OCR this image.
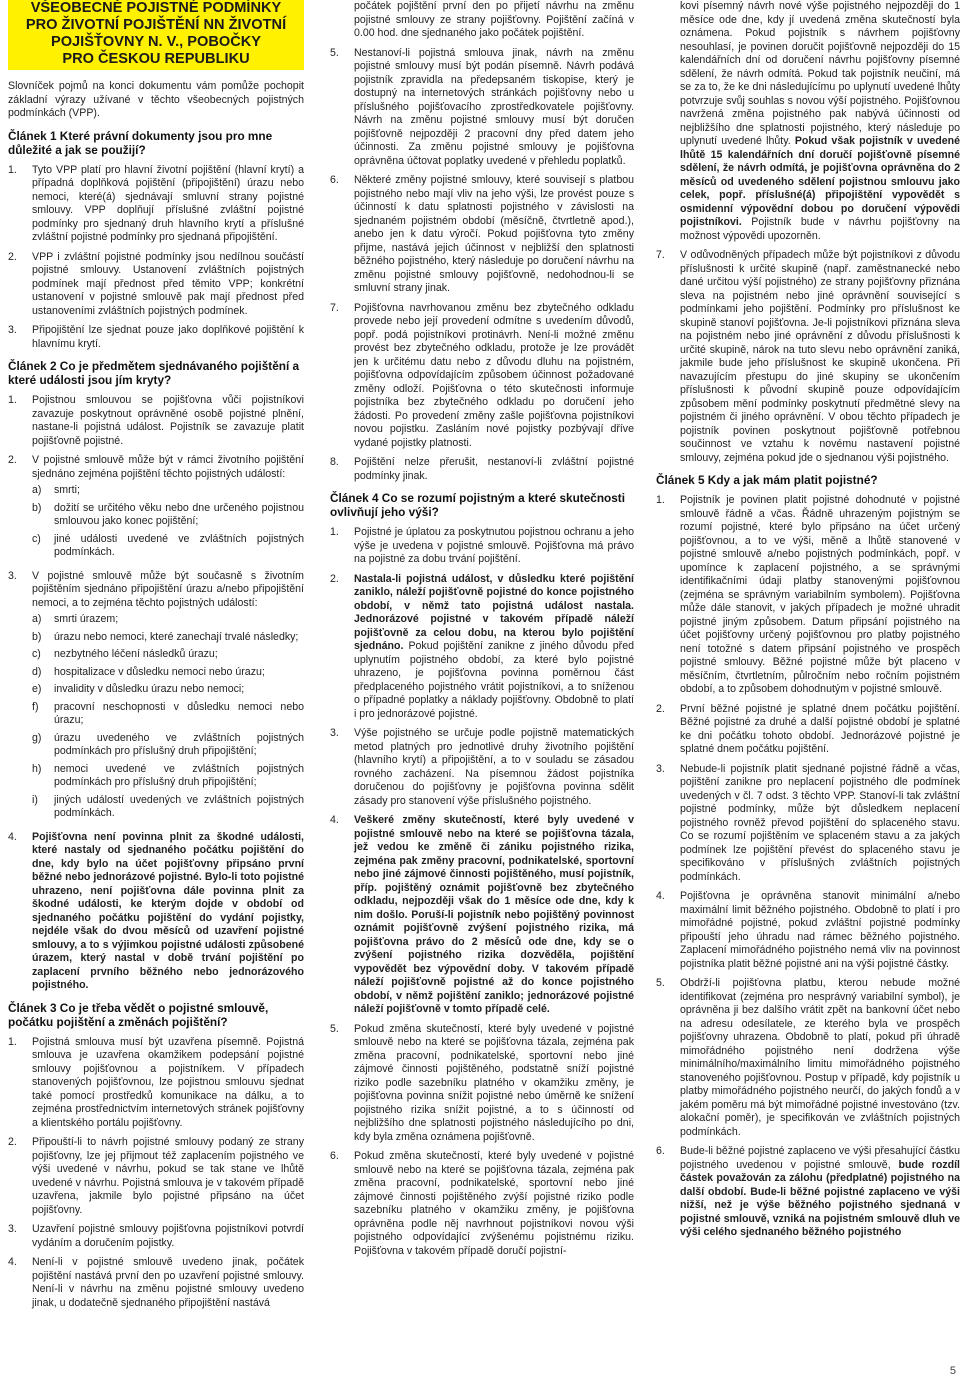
VŠEOBECNÉ POJISTNÉ PODMÍNKY
PRO ŽIVOTNÍ POJIŠTĚNÍ NN ŽIVOTNÍ
POJIŠŤOVNY N. V., POBOČKY
PRO ČESKOU REPUBLIKU

Slovníček pojmů na konci dokumentu vám pomůže pochopit základní výrazy užívané v těchto všeobecných pojistných podmínkách (VPP).

Článek 1 Které právní dokumenty jsou pro mne důležité a jak se použijí?
1.	Tyto VPP platí pro hlavní životní pojištění (hlavní krytí) a případná doplňková pojištění (připojištění) úrazu nebo nemoci, které(á) sjednávají smluvní strany pojistné smlouvy. VPP doplňují příslušné zvláštní pojistné podmínky pro sjednaný druh hlavního krytí a příslušné zvláštní pojistné podmínky pro sjednaná připojištění.
2.	VPP i zvláštní pojistné podmínky jsou nedílnou součástí pojistné smlouvy. Ustanovení zvláštních pojistných podmínek mají přednost před těmito VPP; konkrétní ustanovení v pojistné smlouvě pak mají přednost před ustanoveními zvláštních pojistných podmínek.
3.	Připojištění lze sjednat pouze jako doplňkové pojištění k hlavnímu krytí.
Článek 2 Co je předmětem sjednávaného pojištění a které události jsou jím kryty?
1.	Pojistnou smlouvou se pojišťovna vůči pojistníkovi zavazuje poskytnout oprávněné osobě pojistné plnění, nastane-li pojistná událost. Pojistník se zavazuje platit pojišťovně pojistné.
2.	V pojistné smlouvě může být v rámci životního pojištění sjednáno zejména pojištění těchto pojistných událostí:
a)	smrti;
b)	dožití se určitého věku nebo dne určeného pojistnou smlouvou jako konec pojištění;
c)	jiné události uvedené ve zvláštních pojistných podmínkách.
3.	V pojistné smlouvě může být současně s životním pojištěním sjednáno připojištění úrazu a/nebo připojištění nemoci, a to zejména těchto pojistných událostí:
a)	smrti úrazem;
b)	úrazu nebo nemoci, které zanechají trvalé následky;
c)	nezbytného léčení následků úrazu;
d)	hospitalizace v důsledku nemoci nebo úrazu;
e)	invalidity v důsledku úrazu nebo nemoci;
f)	pracovní neschopnosti v důsledku nemoci nebo úrazu;
g)	úrazu uvedeného ve zvláštních pojistných podmínkách pro příslušný druh připojištění;
h)	nemoci uvedené ve zvláštních pojistných podmínkách pro příslušný druh připojištění;
i)	jiných událostí uvedených ve zvláštních pojistných podmínkách.
4.	Pojišťovna není povinna plnit za škodné události, které nastaly od sjednaného počátku pojištění do dne, kdy bylo na účet pojišťovny připsáno první běžné nebo jednorázové pojistné. Bylo-li toto pojistné uhrazeno, není pojišťovna dále povinna plnit za škodné události, ke kterým dojde v období od sjednaného počátku pojištění do vydání pojistky, nejdéle však do dvou měsíců od uzavření pojistné smlouvy, a to s výjimkou pojistné události způsobené úrazem, který nastal v době trvání pojištění po zaplacení prvního běžného nebo jednorázového pojistného.
Článek 3 Co je třeba vědět o pojistné smlouvě, počátku pojištění a změnách pojištění?
1.	Pojistná smlouva musí být uzavřena písemně. Pojistná smlouva je uzavřena okamžikem podepsání pojistné smlouvy pojišťovnou a pojistníkem. V případech stanovených pojišťovnou, lze pojistnou smlouvu sjednat také pomocí prostředků komunikace na dálku, a to zejména prostřednictvím internetových stránek pojišťovny a klientského portálu pojišťovny.
2.	Připouští-li to návrh pojistné smlouvy podaný ze strany pojišťovny, lze jej přijmout též zaplacením pojistného ve výši uvedené v návrhu, pokud se tak stane ve lhůtě uvedené v návrhu. Pojistná smlouva je v takovém případě uzavřena, jakmile bylo pojistné připsáno na účet pojišťovny.
3.	Uzavření pojistné smlouvy pojišťovna pojistníkovi potvrdí vydáním a doručením pojistky.
4.	Není-li v pojistné smlouvě uvedeno jinak, počátek pojištění nastává první den po uzavření pojistné smlouvy. Není-li v návrhu na změnu pojistné smlouvy uvedeno jinak, u dodatečně sjednaného připojištění nastává
počátek pojištění první den po přijetí návrhu na změnu pojistné smlouvy ze strany pojišťovny. Pojištění začíná v 0.00 hod. dne sjednaného jako počátek pojištění.
5.	Nestanoví-li pojistná smlouva jinak, návrh na změnu pojistné smlouvy musí být podán písemně. Návrh podává pojistník zpravidla na předepsaném tiskopise, který je dostupný na internetových stránkách pojišťovny nebo u příslušného pojišťovacího zprostředkovatele pojišťovny. Návrh na změnu pojistné smlouvy musí být doručen pojišťovně nejpozději 2 pracovní dny před datem jeho účinnosti. Za změnu pojistné smlouvy je pojišťovna oprávněna účtovat poplatky uvedené v přehledu poplatků.
6.	Některé změny pojistné smlouvy, které souvisejí s platbou pojistného nebo mají vliv na jeho výši, lze provést pouze s účinností k datu splatnosti pojistného v závislosti na sjednaném pojistném období (měsíčně, čtvrtletně apod.), anebo jen k datu výročí. Pokud pojišťovna tyto změny přijme, nastává jejich účinnost v nejbližší den splatnosti běžného pojistného, který následuje po doručení návrhu na změnu pojistné smlouvy pojišťovně, nedohodnou-li se smluvní strany jinak.
7.	Pojišťovna navrhovanou změnu bez zbytečného odkladu provede nebo její provedení odmítne s uvedením důvodů, popř. podá pojistníkovi protinávrh. Není-li možné změnu provést bez zbytečného odkladu, protože je lze provádět jen k určitému datu nebo z důvodu dluhu na pojistném, pojišťovna odpovídajícím způsobem účinnost požadované změny odloží. Pojišťovna o této skutečnosti informuje pojistníka bez zbytečného odkladu po doručení jeho žádosti. Po provedení změny zašle pojišťovna pojistníkovi novou pojistku. Zasláním nové pojistky pozbývají dříve vydané pojistky platnosti.
8.	Pojištění nelze přerušit, nestanoví-li zvláštní pojistné podmínky jinak.
Článek 4 Co se rozumí pojistným a které skutečnosti ovlivňují jeho výši?
1.	Pojistné je úplatou za poskytnutou pojistnou ochranu a jeho výše je uvedena v pojistné smlouvě. Pojišťovna má právo na pojistné za dobu trvání pojištění.
2.	Nastala-li pojistná událost, v důsledku které pojištění zaniklo, náleží pojišťovně pojistné do konce pojistného období, v němž tato pojistná událost nastala. Jednorázové pojistné v takovém případě náleží pojišťovně za celou dobu, na kterou bylo pojištění sjednáno. Pokud pojištění zanikne z jiného důvodu před uplynutím pojistného období, za které bylo pojistné uhrazeno, je pojišťovna povinna poměrnou část předplaceného pojistného vrátit pojistníkovi, a to sníženou o případné poplatky a náklady pojišťovny. Obdobně to platí i pro jednorázové pojistné.
3.	Výše pojistného se určuje podle pojistně matematických metod platných pro jednotlivé druhy životního pojištění (hlavního krytí) a připojištění, a to v souladu se zásadou rovného zacházení. Na písemnou žádost pojistníka doručenou do pojišťovny je pojišťovna povinna sdělit zásady pro stanovení výše příslušného pojistného.
4.	Veškeré změny skutečností, které byly uvedené v pojistné smlouvě nebo na které se pojišťovna tázala, jež vedou ke změně či zániku pojistného rizika, zejména pak změny pracovní, podnikatelské, sportovní nebo jiné zájmové činnosti pojištěného, musí pojistník, příp. pojištěný oznámit pojišťovně bez zbytečného odkladu, nejpozději však do 1 měsíce ode dne, kdy k nim došlo. Poruší-li pojistník nebo pojištěný povinnost oznámit pojišťovně zvýšení pojistného rizika, má pojišťovna právo do 2 měsíců ode dne, kdy se o zvýšení pojistného rizika dozvěděla, pojištění vypovědět bez výpovědní doby. V takovém případě náleží pojišťovně pojistné až do konce pojistného období, v němž pojištění zaniklo; jednorázové pojistné náleží pojišťovně v tomto případě celé.
5.	Pokud změna skutečností, které byly uvedené v pojistné smlouvě nebo na které se pojišťovna tázala, zejména pak změna pracovní, podnikatelské, sportovní nebo jiné zájmové činnosti pojištěného, podstatně sníží pojistné riziko podle sazebníku platného v okamžiku změny, je pojišťovna povinna snížit pojistné nebo úměrně ke snížení pojistného rizika snížit pojistné, a to s účinností od nejbližšího dne splatnosti pojistného následujícího po dni, kdy byla změna oznámena pojišťovně.
6.	Pokud změna skutečností, které byly uvedené v pojistné smlouvě nebo na které se pojišťovna tázala, zejména pak změna pracovní, podnikatelské, sportovní nebo jiné zájmové činnosti pojištěného zvýší pojistné riziko podle sazebníku platného v okamžiku změny, je pojišťovna oprávněna podle něj navrhnout pojistníkovi novou výši pojistného odpovídající zvýšenému pojistnému riziku. Pojišťovna v takovém případě doručí pojistní-
kovi písemný návrh nové výše pojistného nejpozději do 1 měsíce ode dne, kdy jí uvedená změna skutečností byla oznámena. Pokud pojistník s návrhem pojišťovny nesouhlasí, je povinen doručit pojišťovně nejpozději do 15 kalendářních dní od doručení návrhu pojišťovny písemné sdělení, že návrh odmítá. Pokud tak pojistník neučiní, má se za to, že ke dni následujícímu po uplynutí uvedené lhůty potvrzuje svůj souhlas s novou výší pojistného. Pojišťovnou navržená změna pojistného pak nabývá účinnosti od nejbližšího dne splatnosti pojistného, který následuje po uplynutí uvedené lhůty. Pokud však pojistník v uvedené lhůtě 15 kalendářních dní doručí pojišťovně písemné sdělení, že návrh odmítá, je pojišťovna oprávněna do 2 měsíců od uvedeného sdělení pojistnou smlouvu jako celek, popř. příslušné(á) připojištění vypovědět s osmidenní výpovědní dobou po doručení výpovědi pojistníkovi. Pojistník bude v návrhu pojišťovny na možnost výpovědi upozorněn.
7.	V odůvodněných případech může být pojistníkovi z důvodu příslušnosti k určité skupině (např. zaměstnanecké nebo dané určitou výší pojistného) ze strany pojišťovny přiznána sleva na pojistném nebo jiné oprávnění související s podmínkami jeho pojištění. Podmínky pro příslušnost ke skupině stanoví pojišťovna. Je-li pojistníkovi přiznána sleva na pojistném nebo jiné oprávnění z důvodu příslušnosti k určité skupině, nárok na tuto slevu nebo oprávnění zaniká, jakmile bude jeho příslušnost ke skupině ukončena. Při navazujícím přestupu do jiné skupiny se ukončením příslušnosti k původní skupině pouze odpovídajícím způsobem mění podmínky poskytnutí předmětné slevy na pojistném či jiného oprávnění. V obou těchto případech je pojistník povinen poskytnout pojišťovně potřebnou součinnost ve vztahu k novému nastavení pojistné smlouvy, zejména pokud jde o sjednanou výši pojistného.
Článek 5 Kdy a jak mám platit pojistné?
1.	Pojistník je povinen platit pojistné dohodnuté v pojistné smlouvě řádně a včas. Řádně uhrazeným pojistným se rozumí pojistné, které bylo připsáno na účet určený pojišťovnou, a to ve výši, měně a lhůtě stanovené v pojistné smlouvě a/nebo pojistných podmínkách, popř. v upomínce k zaplacení pojistného, a se správnými identifikačními údaji platby stanovenými pojišťovnou (zejména se správným variabilním symbolem). Pojišťovna může dále stanovit, v jakých případech je možné uhradit pojistné jiným způsobem. Datum připsání pojistného na účet pojišťovny určený pojišťovnou pro platby pojistného není totožné s datem připsání pojistného ve prospěch pojistné smlouvy. Běžné pojistné může být placeno v měsíčním, čtvrtletním, půlročním nebo ročním pojistném období, a to způsobem dohodnutým v pojistné smlouvě.
2.	První běžné pojistné je splatné dnem počátku pojištění. Běžné pojistné za druhé a další pojistné období je splatné ke dni počátku tohoto období. Jednorázové pojistné je splatné dnem počátku pojištění.
3.	Nebude-li pojistník platit sjednané pojistné řádně a včas, pojištění zanikne pro neplacení pojistného dle podmínek uvedených v čl. 7 odst. 3 těchto VPP. Stanoví-li tak zvláštní pojistné podmínky, může být důsledkem neplacení pojistného rovněž převod pojištění do splaceného stavu. Co se rozumí pojištěním ve splaceném stavu a za jakých podmínek lze pojištění převést do splaceného stavu je specifikováno v příslušných zvláštních pojistných podmínkách.
4.	Pojišťovna je oprávněna stanovit minimální a/nebo maximální limit běžného pojistného. Obdobně to platí i pro mimořádné pojistné, pokud zvláštní pojistné podmínky připouští jeho úhradu nad rámec běžného pojistného. Zaplacení mimořádného pojistného nemá vliv na povinnost pojistníka platit běžné pojistné ani na výši pojistné částky.
5.	Obdrží-li pojišťovna platbu, kterou nebude možné identifikovat (zejména pro nesprávný variabilní symbol), je oprávněna ji bez dalšího vrátit zpět na bankovní účet nebo na adresu odesílatele, ze kterého byla ve prospěch pojišťovny uhrazena. Obdobně to platí, pokud při úhradě mimořádného pojistného není dodržena výše minimálního/maximálního limitu mimořádného pojistného stanoveného pojišťovnou. Postup v případě, kdy pojistník u platby mimořádného pojistného neurčí, do jakých fondů a v jakém poměru má být mimořádné pojistné investováno (tzv. alokační poměr), je specifikován ve zvláštních pojistných podmínkách.
6.	Bude-li běžné pojistné zaplaceno ve výši přesahující částku pojistného uvedenou v pojistné smlouvě, bude rozdíl částek považován za zálohu (předplatné) pojistného na další období. Bude-li běžné pojistné zaplaceno ve výši nižší, než je výše běžného pojistného sjednaná v pojistné smlouvě, vzniká na pojistném smlouvě dluh ve výši celého sjednaného běžného pojistného
5
